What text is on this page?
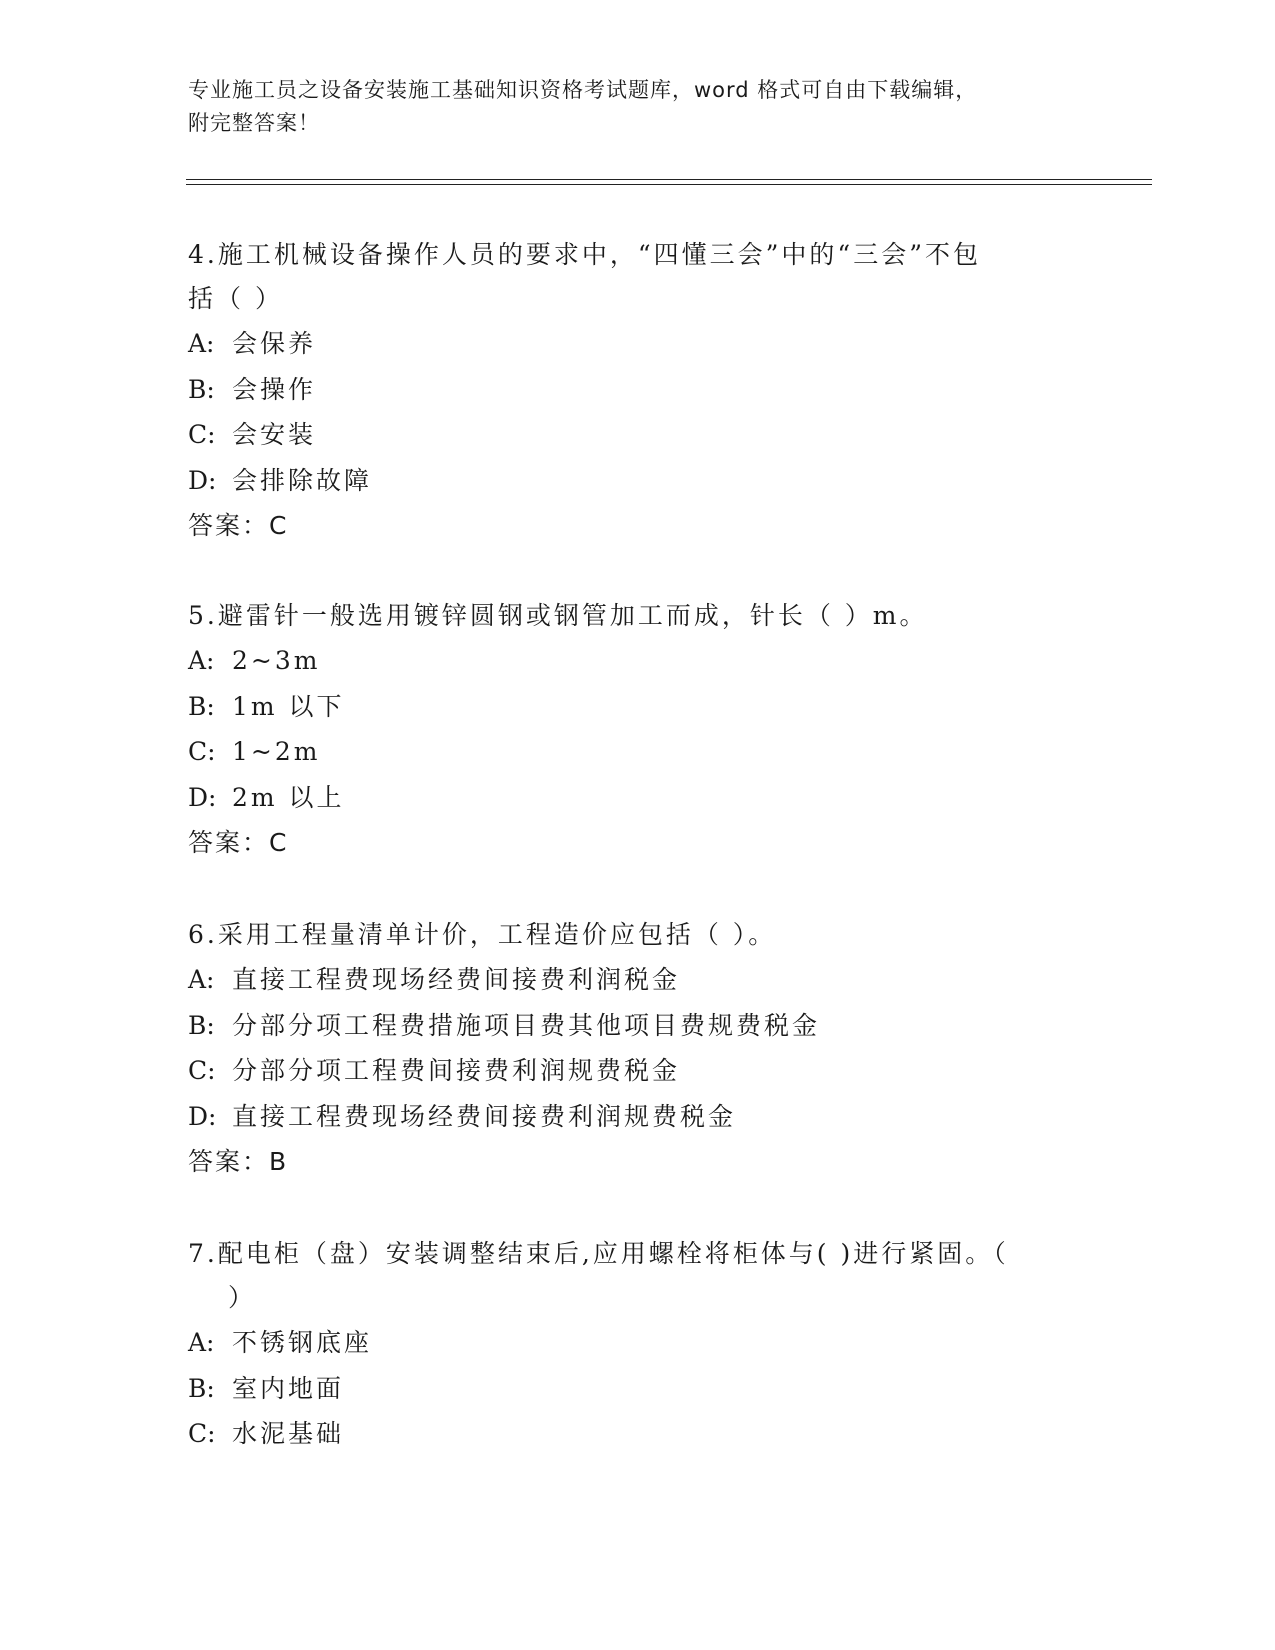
专业施工员之设备安装施工基础知识资格考试题库，word 格式可自由下载编辑，
附完整答案！

4.施工机械设备操作人员的要求中，“四懂三会”中的“三会”不包
括（ ）

A: 会保养

B: 会操作

C: 会安装

D: 会排除故障

答案：C

5.避雷针一般选用镀锌圆钢或钢管加工而成，针长（ ）m。

A: 2~3m

B: 1m 以下

C: 1~2m

D: 2m 以上

答案：C

6.采用工程量清单计价，工程造价应包括（ ）。

A: 直接工程费现场经费间接费利润税金

B: 分部分项工程费措施项目费其他项目费规费税金

C: 分部分项工程费间接费利润规费税金

D: 直接工程费现场经费间接费利润规费税金

答案：B

7.配电柜（盘）安装调整结束后,应用螺栓将柜体与( )进行紧固。（
）

A: 不锈钢底座

B: 室内地面

C: 水泥基础
